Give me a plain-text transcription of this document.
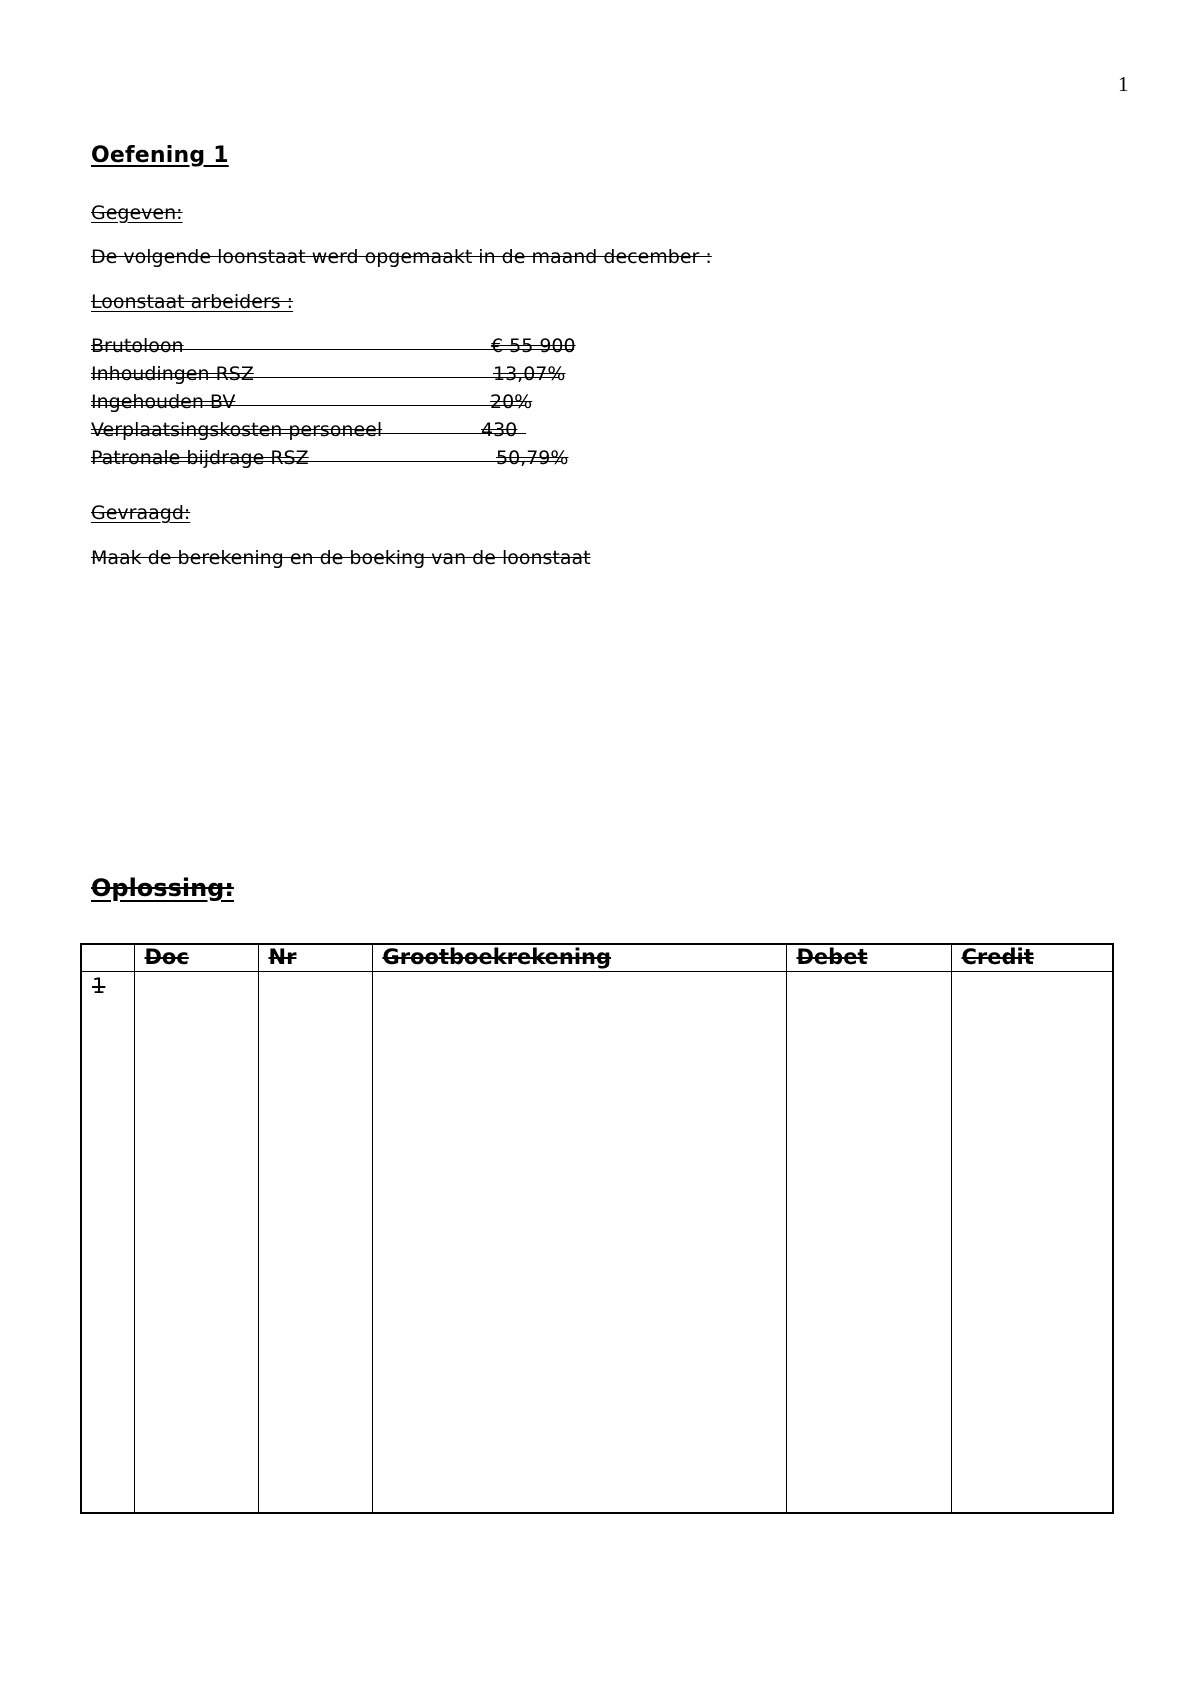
1
Oefening 1
Gegeven:
De volgende loonstaat werd opgemaakt in de maand december :
Loonstaat arbeiders :
Brutoloon	€ 55 900
Inhoudingen RSZ	13,07%
Ingehouden BV	20%
Verplaatsingskosten personeel	430
Patronale bijdrage RSZ	50,79%
Gevraagd:
Maak de berekening en de boeking van de loonstaat
Oplossing:
	Doc	Nr	Grootboekrekening	Debet	Credit
1					
